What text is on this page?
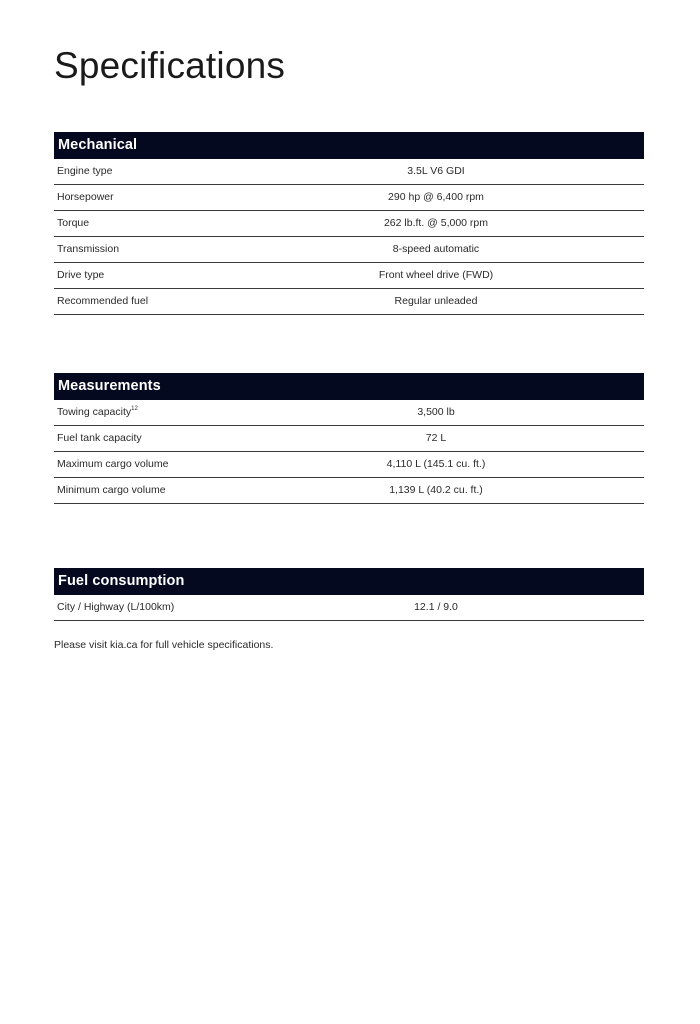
Specifications
Mechanical
Engine type	3.5L V6 GDI
Horsepower	290 hp @ 6,400 rpm
Torque	262 lb.ft. @ 5,000 rpm
Transmission	8-speed automatic
Drive type	Front wheel drive (FWD)
Recommended fuel	Regular unleaded
Measurements
Towing capacity$^{12}$	3,500 lb
Fuel tank capacity	72 L
Maximum cargo volume	4,110 L (145.1 cu. ft.)
Minimum cargo volume	1,139 L (40.2 cu. ft.)
Fuel consumption
City / Highway (L/100km)	12.1 / 9.0

Please visit kia.ca for full vehicle specifications.
